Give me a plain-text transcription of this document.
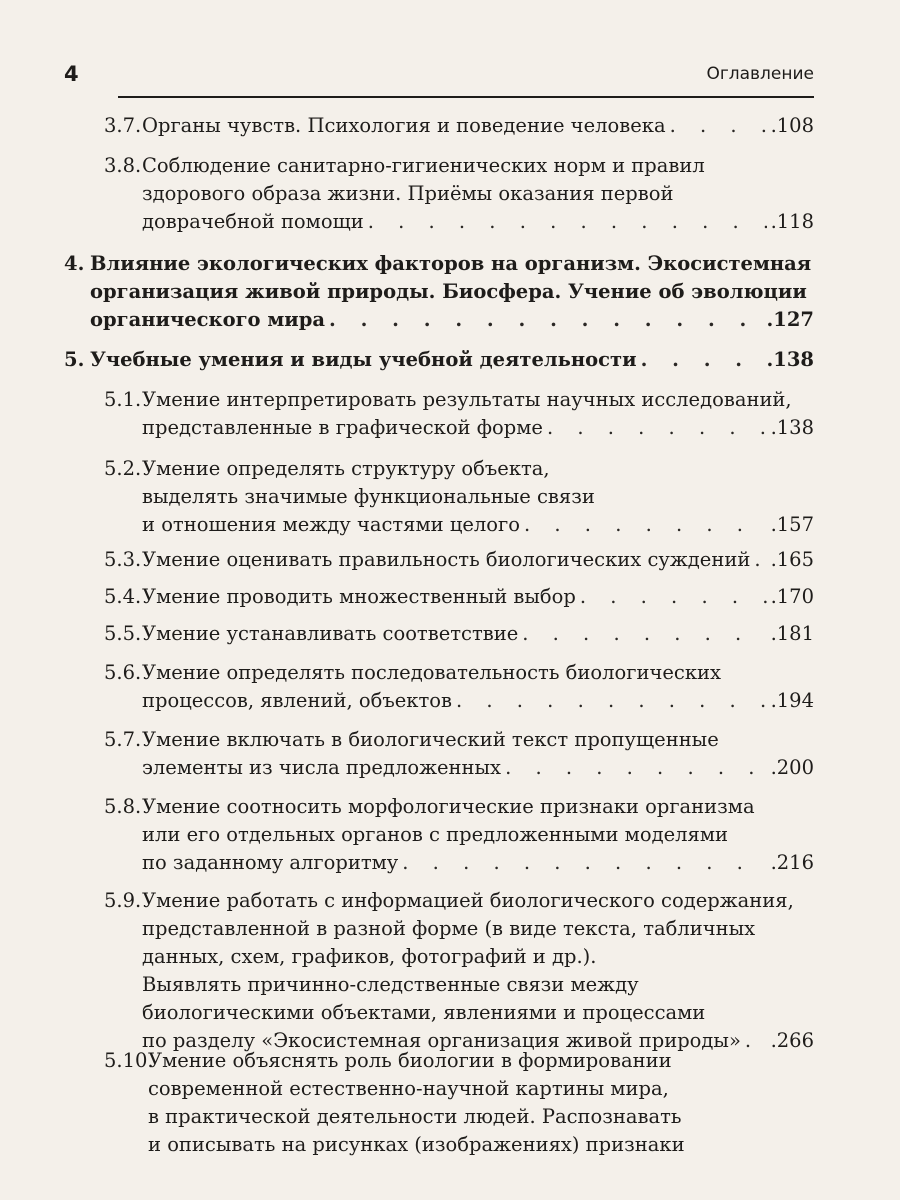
4	Оглавление
3.7. Органы чувств. Психология и поведение человека . . .	.108
3.8. Соблюдение санитарно-гигиенических норм и правил
здорового образа жизни. Приёмы оказания первой
доврачебной помощи . . .	.118
4. Влияние экологических факторов на организм. Экосистемная
организация живой природы. Биосфера. Учение об эволюции
органического мира . . .	.127
5. Учебные умения и виды учебной деятельности . . .	.138
5.1. Умение интерпретировать результаты научных исследований,
представленные в графической форме . . .	.138
5.2. Умение определять структуру объекта,
выделять значимые функциональные связи
и отношения между частями целого . . .	.157
5.3. Умение оценивать правильность биологических суждений . . . .165
5.4. Умение проводить множественный выбор . . .	.170
5.5. Умение устанавливать соответствие . . .	.181
5.6. Умение определять последовательность биологических
процессов, явлений, объектов . . .	.194
5.7. Умение включать в биологический текст пропущенные
элементы из числа предложенных . . .	.200
5.8. Умение соотносить морфологические признаки организма
или его отдельных органов с предложенными моделями
по заданному алгоритму . . .	.216
5.9. Умение работать с информацией биологического содержания,
представленной в разной форме (в виде текста, табличных
данных, схем, графиков, фотографий и др.).
Выявлять причинно-следственные связи между
биологическими объектами, явлениями и процессами
по разделу «Экосистемная организация живой природы» . . . .266
5.10.
Умение объяснять роль биологии в формировании
современной естественно-научной картины мира,
в практической деятельности людей. Распознавать
и описывать на рисунках (изображениях) признаки
